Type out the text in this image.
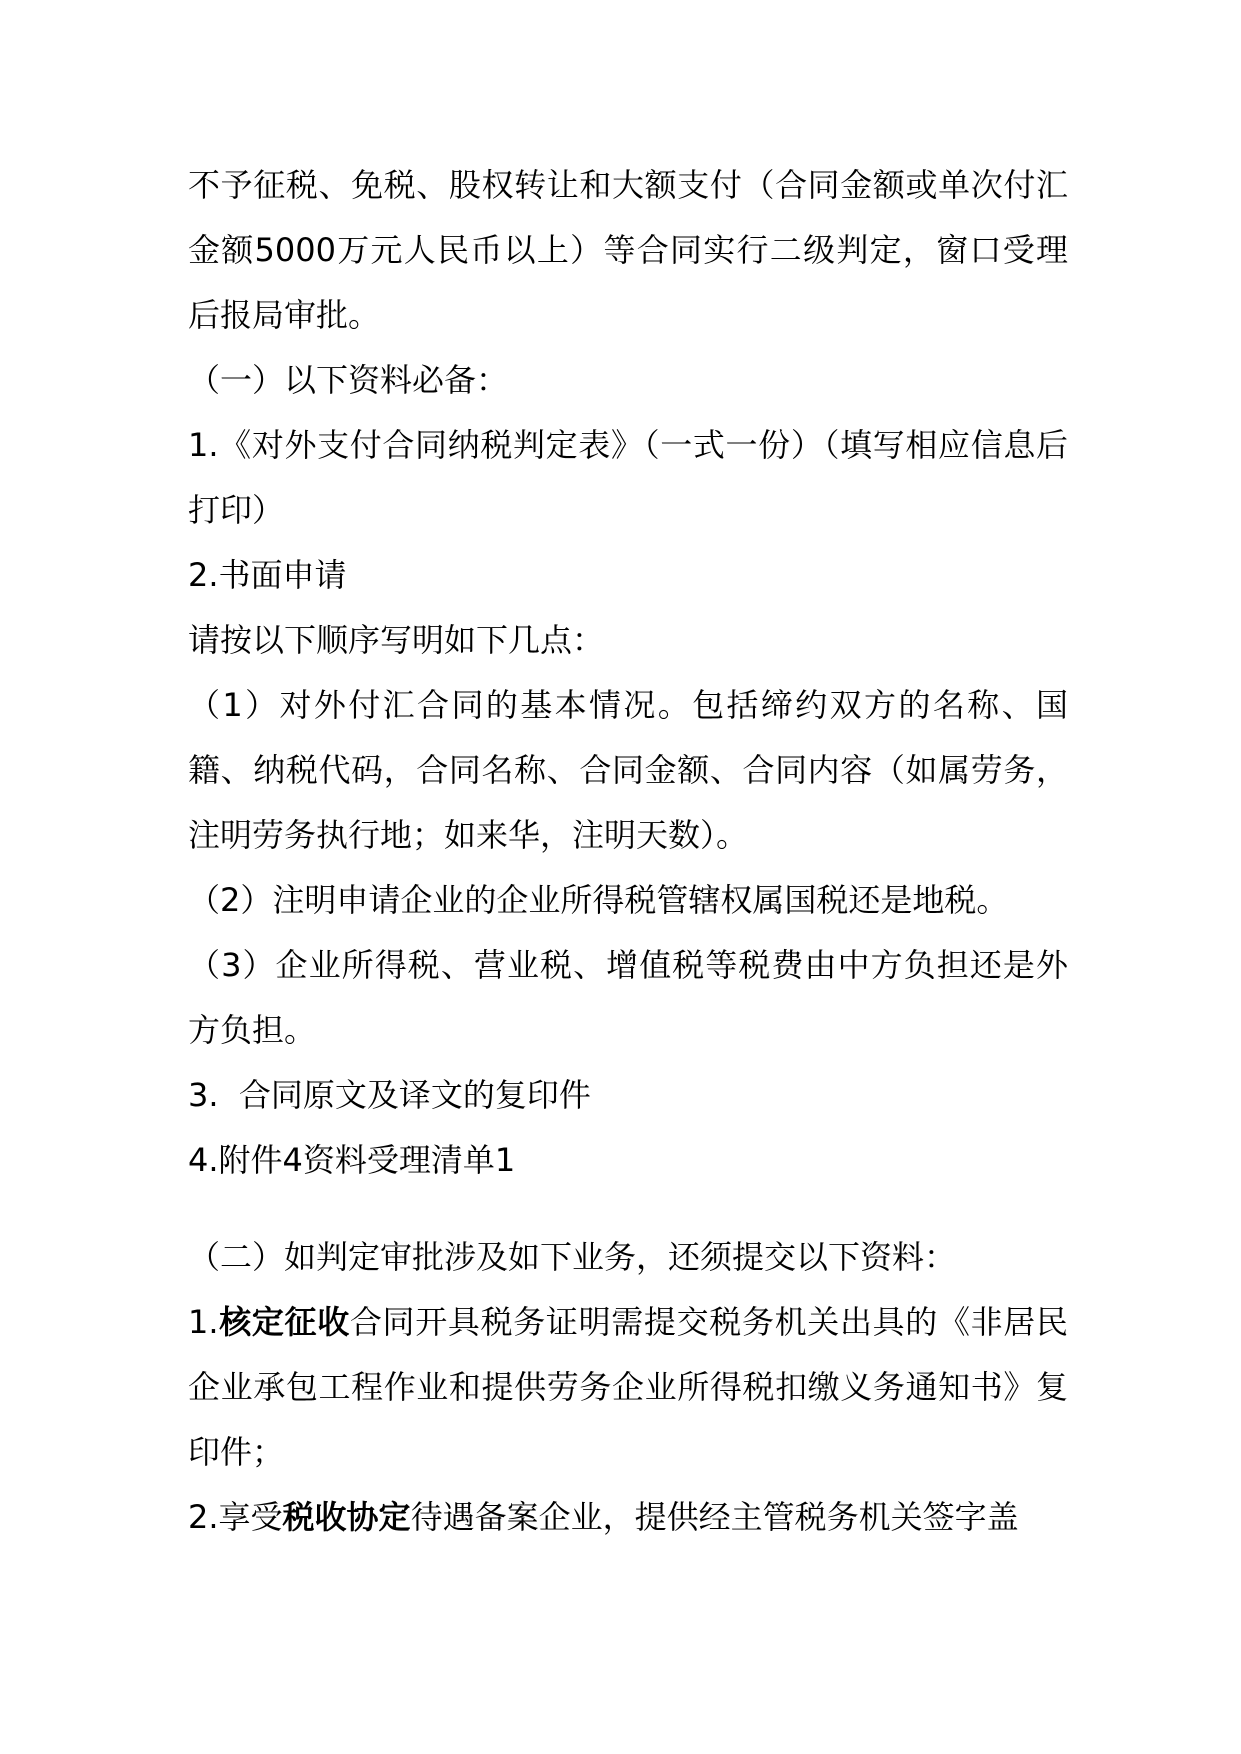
不予征税、免税、股权转让和大额支付（合同金额或单次付汇金额5000万元人民币以上）等合同实行二级判定，窗口受理后报局审批。

（一）以下资料必备：

1.《对外支付合同纳税判定表》（一式一份）（填写相应信息后打印）

2.书面申请

请按以下顺序写明如下几点：

（1）对外付汇合同的基本情况。包括缔约双方的名称、国籍、纳税代码，合同名称、合同金额、合同内容（如属劳务，注明劳务执行地；如来华，注明天数）。

（2）注明申请企业的企业所得税管辖权属国税还是地税。

（3）企业所得税、营业税、增值税等税费由中方负担还是外方负担。

3.  合同原文及译文的复印件

4.附件4资料受理清单1

（二）如判定审批涉及如下业务，还须提交以下资料：

1.核定征收合同开具税务证明需提交税务机关出具的《非居民企业承包工程作业和提供劳务企业所得税扣缴义务通知书》复印件；

2.享受税收协定待遇备案企业，提供经主管税务机关签字盖
